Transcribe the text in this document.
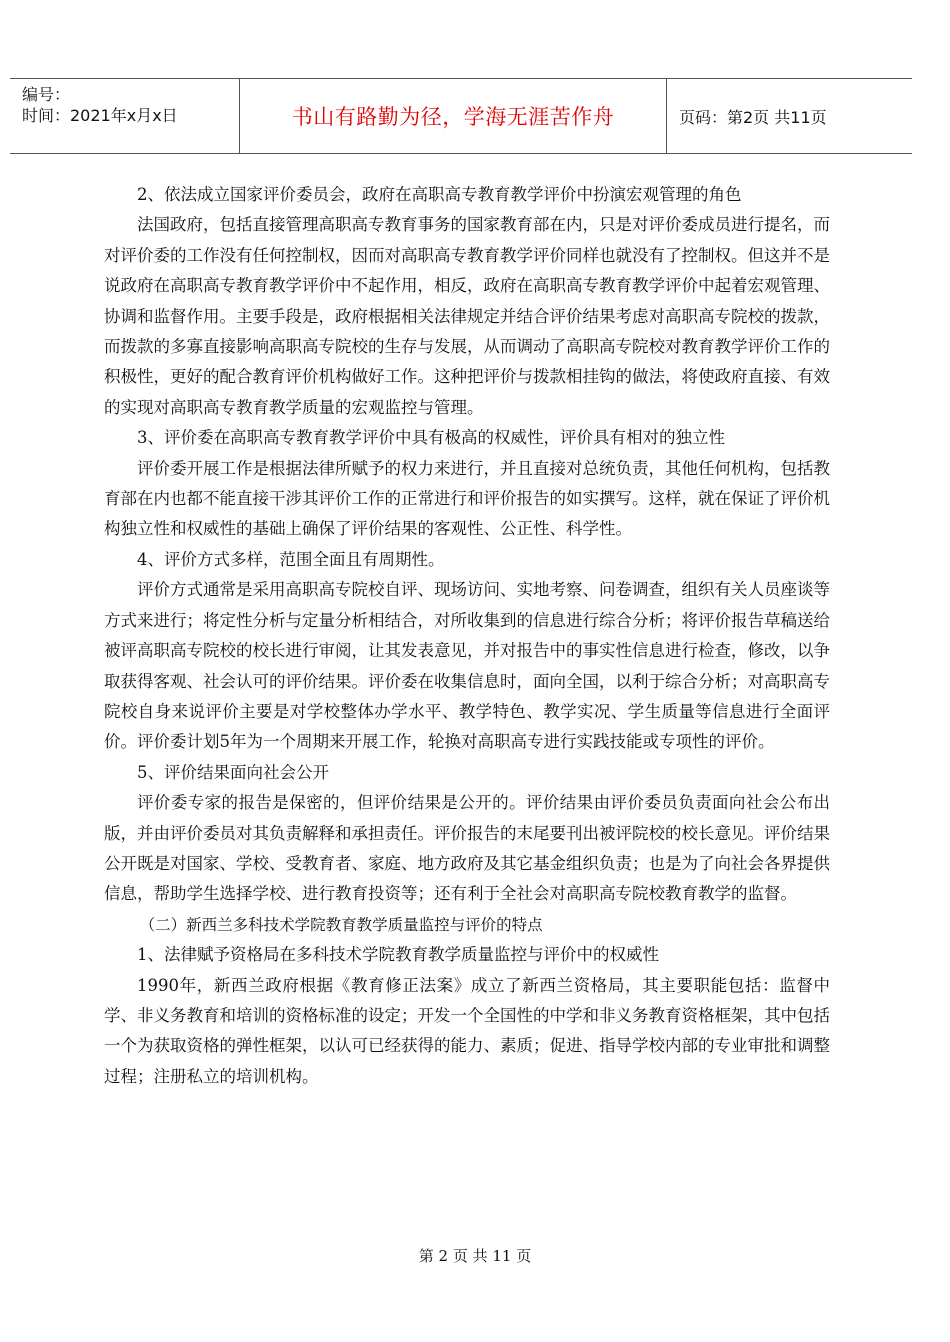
编号：
时间：2021年x月x日	书山有路勤为径，学海无涯苦作舟	页码：第2页 共11页

2、依法成立国家评价委员会，政府在高职高专教育教学评价中扮演宏观管理的角色

法国政府，包括直接管理高职高专教育事务的国家教育部在内，只是对评价委成员进行提名，而对评价委的工作没有任何控制权，因而对高职高专教育教学评价同样也就没有了控制权。但这并不是说政府在高职高专教育教学评价中不起作用，相反，政府在高职高专教育教学评价中起着宏观管理、协调和监督作用。主要手段是，政府根据相关法律规定并结合评价结果考虑对高职高专院校的拨款，而拨款的多寡直接影响高职高专院校的生存与发展，从而调动了高职高专院校对教育教学评价工作的积极性，更好的配合教育评价机构做好工作。这种把评价与拨款相挂钩的做法，将使政府直接、有效的实现对高职高专教育教学质量的宏观监控与管理。

3、评价委在高职高专教育教学评价中具有极高的权威性，评价具有相对的独立性

评价委开展工作是根据法律所赋予的权力来进行，并且直接对总统负责，其他任何机构，包括教育部在内也都不能直接干涉其评价工作的正常进行和评价报告的如实撰写。这样，就在保证了评价机构独立性和权威性的基础上确保了评价结果的客观性、公正性、科学性。

4、评价方式多样，范围全面且有周期性。

评价方式通常是采用高职高专院校自评、现场访问、实地考察、问卷调查，组织有关人员座谈等方式来进行；将定性分析与定量分析相结合，对所收集到的信息进行综合分析；将评价报告草稿送给被评高职高专院校的校长进行审阅，让其发表意见，并对报告中的事实性信息进行检查，修改，以争取获得客观、社会认可的评价结果。评价委在收集信息时，面向全国，以利于综合分析；对高职高专院校自身来说评价主要是对学校整体办学水平、教学特色、教学实况、学生质量等信息进行全面评价。评价委计划5年为一个周期来开展工作，轮换对高职高专进行实践技能或专项性的评价。

5、评价结果面向社会公开

评价委专家的报告是保密的，但评价结果是公开的。评价结果由评价委员负责面向社会公布出版，并由评价委员对其负责解释和承担责任。评价报告的末尾要刊出被评院校的校长意见。评价结果公开既是对国家、学校、受教育者、家庭、地方政府及其它基金组织负责；也是为了向社会各界提供信息，帮助学生选择学校、进行教育投资等；还有利于全社会对高职高专院校教育教学的监督。

（二）新西兰多科技术学院教育教学质量监控与评价的特点

1、法律赋予资格局在多科技术学院教育教学质量监控与评价中的权威性

1990年，新西兰政府根据《教育修正法案》成立了新西兰资格局，其主要职能包括：监督中学、非义务教育和培训的资格标准的设定；开发一个全国性的中学和非义务教育资格框架，其中包括一个为获取资格的弹性框架，以认可已经获得的能力、素质；促进、指导学校内部的专业审批和调整过程；注册私立的培训机构。

第 2 页 共 11 页
